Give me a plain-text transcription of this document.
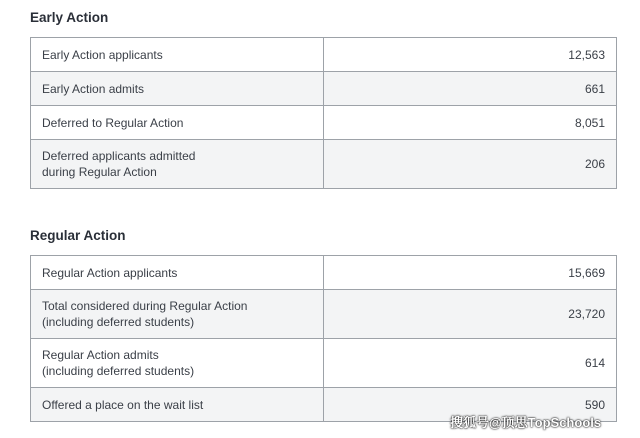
Early Action
Early Action applicants	12,563
Early Action admits	661
Deferred to Regular Action	8,051
Deferred applicants admitted
during Regular Action	206
Regular Action
Regular Action applicants	15,669
Total considered during Regular Action
(including deferred students)	23,720
Regular Action admits
(including deferred students)	614
Offered a place on the wait list	590
搜狐号@顶思TopSchools
